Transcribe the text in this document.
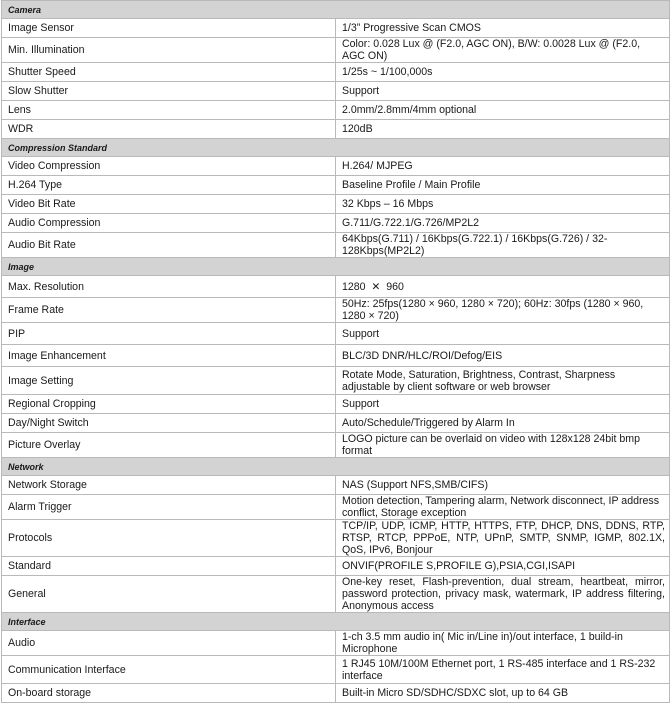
Camera	
Image Sensor	1/3” Progressive Scan CMOS
Min. Illumination	Color: 0.028 Lux @ (F2.0, AGC ON), B/W: 0.0028 Lux @ (F2.0, AGC ON)
Shutter Speed	1/25s ~ 1/100,000s
Slow Shutter	Support
Lens	2.0mm/2.8mm/4mm optional
WDR	120dB
Compression Standard	
Video Compression	H.264/ MJPEG
H.264 Type	Baseline Profile / Main Profile
Video Bit Rate	32 Kbps – 16 Mbps
Audio Compression	G.711/G.722.1/G.726/MP2L2
Audio Bit Rate	64Kbps(G.711) / 16Kbps(G.722.1) / 16Kbps(G.726) / 32-128Kbps(MP2L2)
Image	
Max. Resolution	1280  ✕  960
Frame Rate	50Hz: 25fps(1280 × 960, 1280 × 720); 60Hz: 30fps (1280 × 960, 1280 × 720)
PIP	Support
Image Enhancement	BLC/3D DNR/HLC/ROI/Defog/EIS
Image Setting	Rotate Mode, Saturation, Brightness, Contrast, Sharpness adjustable by client software or web browser
Regional Cropping	Support
Day/Night Switch	Auto/Schedule/Triggered by Alarm In
Picture Overlay	LOGO picture can be overlaid on video with 128x128 24bit bmp format
Network	
Network Storage	NAS (Support NFS,SMB/CIFS)
Alarm Trigger	Motion detection, Tampering alarm, Network disconnect, IP address conflict, Storage exception
Protocols	TCP/IP, UDP, ICMP, HTTP, HTTPS, FTP, DHCP, DNS, DDNS, RTP, RTSP, RTCP, PPPoE, NTP, UPnP, SMTP, SNMP, IGMP, 802.1X, QoS, IPv6, Bonjour
Standard	ONVIF(PROFILE S,PROFILE G),PSIA,CGI,ISAPI
General	One-key reset, Flash-prevention, dual stream, heartbeat, mirror, password protection, privacy mask, watermark, IP address filtering, Anonymous access
Interface	
Audio	1-ch 3.5 mm audio in( Mic in/Line in)/out interface, 1 build-in Microphone
Communication Interface	1 RJ45 10M/100M Ethernet port, 1 RS-485 interface and 1 RS-232 interface
On-board storage	Built-in Micro SD/SDHC/SDXC slot, up to 64 GB
